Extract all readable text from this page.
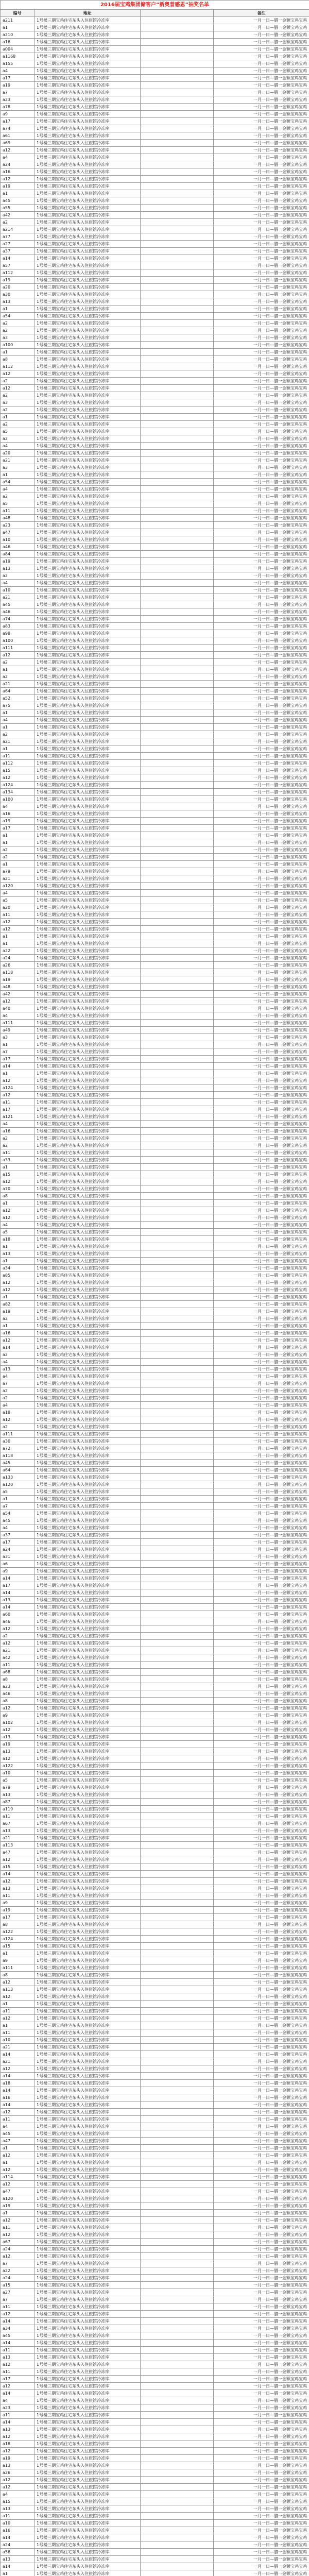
2016届宝鸡集团储客户“新奥普感恩”抽奖名单			
编号	地址		备注
a211	1号楼三期宝鸡住宅东头入住旅馆冷冻库		一月一日—腊一金额宝鸡宝鸡
a1	1号楼三期宝鸡住宅东头入住旅馆冷冻库		一月一日—腊一金额宝鸡宝鸡
a210	1号楼三期宝鸡住宅东头入住旅馆冷冻库		一月一日—腊一金额宝鸡宝鸡
a16	1号楼三期宝鸡住宅东头入住旅馆冷冻库		一月一日—腊一金额宝鸡宝鸡
a004	1号楼三期宝鸡住宅东头入住旅馆冷冻库		一月一日—腊一金额宝鸡宝鸡
a1168	1号楼三期宝鸡住宅东头入住旅馆冷冻库		一月一日—腊一金额宝鸡宝鸡
a155	1号楼三期宝鸡住宅东头入住旅馆冷冻库		一月一日—腊一金额宝鸡宝鸡
a4	1号楼三期宝鸡住宅东头入住旅馆冷冻库		一月一日—腊一金额宝鸡宝鸡
a17	1号楼三期宝鸡住宅东头入住旅馆冷冻库		一月一日—腊一金额宝鸡宝鸡
a19	1号楼三期宝鸡住宅东头入住旅馆冷冻库		一月一日—腊一金额宝鸡宝鸡
a7	1号楼三期宝鸡住宅东头入住旅馆冷冻库		一月一日—腊一金额宝鸡宝鸡
a23	1号楼三期宝鸡住宅东头入住旅馆冷冻库		一月一日—腊一金额宝鸡宝鸡
a78	1号楼三期宝鸡住宅东头入住旅馆冷冻库		一月一日—腊一金额宝鸡宝鸡
a9	1号楼三期宝鸡住宅东头入住旅馆冷冻库		一月一日—腊一金额宝鸡宝鸡
a17	1号楼三期宝鸡住宅东头入住旅馆冷冻库		一月一日—腊一金额宝鸡宝鸡
a74	1号楼三期宝鸡住宅东头入住旅馆冷冻库		一月一日—腊一金额宝鸡宝鸡
a61	1号楼三期宝鸡住宅东头入住旅馆冷冻库		一月一日—腊一金额宝鸡宝鸡
a69	1号楼三期宝鸡住宅东头入住旅馆冷冻库		一月一日—腊一金额宝鸡宝鸡
a12	1号楼三期宝鸡住宅东头入住旅馆冷冻库		一月一日—腊一金额宝鸡宝鸡
a4	1号楼三期宝鸡住宅东头入住旅馆冷冻库		一月一日—腊一金额宝鸡宝鸡
a24	1号楼三期宝鸡住宅东头入住旅馆冷冻库		一月一日—腊一金额宝鸡宝鸡
a16	1号楼三期宝鸡住宅东头入住旅馆冷冻库		一月一日—腊一金额宝鸡宝鸡
a12	1号楼三期宝鸡住宅东头入住旅馆冷冻库		一月一日—腊一金额宝鸡宝鸡
a19	1号楼三期宝鸡住宅东头入住旅馆冷冻库		一月一日—腊一金额宝鸡宝鸡
a1	1号楼三期宝鸡住宅东头入住旅馆冷冻库		一月一日—腊一金额宝鸡宝鸡
a45	1号楼三期宝鸡住宅东头入住旅馆冷冻库		一月一日—腊一金额宝鸡宝鸡
a55	1号楼三期宝鸡住宅东头入住旅馆冷冻库		一月一日—腊一金额宝鸡宝鸡
a42	1号楼三期宝鸡住宅东头入住旅馆冷冻库		一月一日—腊一金额宝鸡宝鸡
a2	1号楼三期宝鸡住宅东头入住旅馆冷冻库		一月一日—腊一金额宝鸡宝鸡
a214	1号楼三期宝鸡住宅东头入住旅馆冷冻库		一月一日—腊一金额宝鸡宝鸡
a77	1号楼三期宝鸡住宅东头入住旅馆冷冻库		一月一日—腊一金额宝鸡宝鸡
a27	1号楼三期宝鸡住宅东头入住旅馆冷冻库		一月一日—腊一金额宝鸡宝鸡
a37	1号楼三期宝鸡住宅东头入住旅馆冷冻库		一月一日—腊一金额宝鸡宝鸡
a14	1号楼三期宝鸡住宅东头入住旅馆冷冻库		一月一日—腊一金额宝鸡宝鸡
a57	1号楼三期宝鸡住宅东头入住旅馆冷冻库		一月一日—腊一金额宝鸡宝鸡
a112	1号楼三期宝鸡住宅东头入住旅馆冷冻库		一月一日—腊一金额宝鸡宝鸡
a19	1号楼三期宝鸡住宅东头入住旅馆冷冻库		一月一日—腊一金额宝鸡宝鸡
a20	1号楼三期宝鸡住宅东头入住旅馆冷冻库		一月一日—腊一金额宝鸡宝鸡
a30	1号楼三期宝鸡住宅东头入住旅馆冷冻库		一月一日—腊一金额宝鸡宝鸡
a13	1号楼三期宝鸡住宅东头入住旅馆冷冻库		一月一日—腊一金额宝鸡宝鸡
a1	1号楼三期宝鸡住宅东头入住旅馆冷冻库		一月一日—腊一金额宝鸡宝鸡
a54	1号楼三期宝鸡住宅东头入住旅馆冷冻库		一月一日—腊一金额宝鸡宝鸡
a2	1号楼三期宝鸡住宅东头入住旅馆冷冻库		一月一日—腊一金额宝鸡宝鸡
a2	1号楼三期宝鸡住宅东头入住旅馆冷冻库		一月一日—腊一金额宝鸡宝鸡
a3	1号楼三期宝鸡住宅东头入住旅馆冷冻库		一月一日—腊一金额宝鸡宝鸡
a100	1号楼三期宝鸡住宅东头入住旅馆冷冻库		一月一日—腊一金额宝鸡宝鸡
a1	1号楼三期宝鸡住宅东头入住旅馆冷冻库		一月一日—腊一金额宝鸡宝鸡
a8	1号楼三期宝鸡住宅东头入住旅馆冷冻库		一月一日—腊一金额宝鸡宝鸡
a112	1号楼三期宝鸡住宅东头入住旅馆冷冻库		一月一日—腊一金额宝鸡宝鸡
a12	1号楼三期宝鸡住宅东头入住旅馆冷冻库		一月一日—腊一金额宝鸡宝鸡
a2	1号楼三期宝鸡住宅东头入住旅馆冷冻库		一月一日—腊一金额宝鸡宝鸡
a12	1号楼三期宝鸡住宅东头入住旅馆冷冻库		一月一日—腊一金额宝鸡宝鸡
a2	1号楼三期宝鸡住宅东头入住旅馆冷冻库		一月一日—腊一金额宝鸡宝鸡
a3	1号楼三期宝鸡住宅东头入住旅馆冷冻库		一月一日—腊一金额宝鸡宝鸡
a2	1号楼三期宝鸡住宅东头入住旅馆冷冻库		一月一日—腊一金额宝鸡宝鸡
a1	1号楼三期宝鸡住宅东头入住旅馆冷冻库		一月一日—腊一金额宝鸡宝鸡
a2	1号楼三期宝鸡住宅东头入住旅馆冷冻库		一月一日—腊一金额宝鸡宝鸡
a5	1号楼三期宝鸡住宅东头入住旅馆冷冻库		一月一日—腊一金额宝鸡宝鸡
a2	1号楼三期宝鸡住宅东头入住旅馆冷冻库		一月一日—腊一金额宝鸡宝鸡
a4	1号楼三期宝鸡住宅东头入住旅馆冷冻库		一月一日—腊一金额宝鸡宝鸡
a20	1号楼三期宝鸡住宅东头入住旅馆冷冻库		一月一日—腊一金额宝鸡宝鸡
a21	1号楼三期宝鸡住宅东头入住旅馆冷冻库		一月一日—腊一金额宝鸡宝鸡
a3	1号楼三期宝鸡住宅东头入住旅馆冷冻库		一月一日—腊一金额宝鸡宝鸡
a1	1号楼三期宝鸡住宅东头入住旅馆冷冻库		一月一日—腊一金额宝鸡宝鸡
a54	1号楼三期宝鸡住宅东头入住旅馆冷冻库		一月一日—腊一金额宝鸡宝鸡
a4	1号楼三期宝鸡住宅东头入住旅馆冷冻库		一月一日—腊一金额宝鸡宝鸡
a2	1号楼三期宝鸡住宅东头入住旅馆冷冻库		一月一日—腊一金额宝鸡宝鸡
a5	1号楼三期宝鸡住宅东头入住旅馆冷冻库		一月一日—腊一金额宝鸡宝鸡
a11	1号楼三期宝鸡住宅东头入住旅馆冷冻库		一月一日—腊一金额宝鸡宝鸡
a48	1号楼三期宝鸡住宅东头入住旅馆冷冻库		一月一日—腊一金额宝鸡宝鸡
a23	1号楼三期宝鸡住宅东头入住旅馆冷冻库		一月一日—腊一金额宝鸡宝鸡
a47	1号楼三期宝鸡住宅东头入住旅馆冷冻库		一月一日—腊一金额宝鸡宝鸡
a10	1号楼三期宝鸡住宅东头入住旅馆冷冻库		一月一日—腊一金额宝鸡宝鸡
a46	1号楼三期宝鸡住宅东头入住旅馆冷冻库		一月一日—腊一金额宝鸡宝鸡
a84	1号楼三期宝鸡住宅东头入住旅馆冷冻库		一月一日—腊一金额宝鸡宝鸡
a19	1号楼三期宝鸡住宅东头入住旅馆冷冻库		一月一日—腊一金额宝鸡宝鸡
a13	1号楼三期宝鸡住宅东头入住旅馆冷冻库		一月一日—腊一金额宝鸡宝鸡
a2	1号楼三期宝鸡住宅东头入住旅馆冷冻库		一月一日—腊一金额宝鸡宝鸡
a4	1号楼三期宝鸡住宅东头入住旅馆冷冻库		一月一日—腊一金额宝鸡宝鸡
a10	1号楼三期宝鸡住宅东头入住旅馆冷冻库		一月一日—腊一金额宝鸡宝鸡
a21	1号楼三期宝鸡住宅东头入住旅馆冷冻库		一月一日—腊一金额宝鸡宝鸡
a45	1号楼三期宝鸡住宅东头入住旅馆冷冻库		一月一日—腊一金额宝鸡宝鸡
a46	1号楼三期宝鸡住宅东头入住旅馆冷冻库		一月一日—腊一金额宝鸡宝鸡
a74	1号楼三期宝鸡住宅东头入住旅馆冷冻库		一月一日—腊一金额宝鸡宝鸡
a83	1号楼三期宝鸡住宅东头入住旅馆冷冻库		一月一日—腊一金额宝鸡宝鸡
a98	1号楼三期宝鸡住宅东头入住旅馆冷冻库		一月一日—腊一金额宝鸡宝鸡
a100	1号楼三期宝鸡住宅东头入住旅馆冷冻库		一月一日—腊一金额宝鸡宝鸡
a111	1号楼三期宝鸡住宅东头入住旅馆冷冻库		一月一日—腊一金额宝鸡宝鸡
a12	1号楼三期宝鸡住宅东头入住旅馆冷冻库		一月一日—腊一金额宝鸡宝鸡
a2	1号楼三期宝鸡住宅东头入住旅馆冷冻库		一月一日—腊一金额宝鸡宝鸡
a1	1号楼三期宝鸡住宅东头入住旅馆冷冻库		一月一日—腊一金额宝鸡宝鸡
a2	1号楼三期宝鸡住宅东头入住旅馆冷冻库		一月一日—腊一金额宝鸡宝鸡
a21	1号楼三期宝鸡住宅东头入住旅馆冷冻库		一月一日—腊一金额宝鸡宝鸡
a64	1号楼三期宝鸡住宅东头入住旅馆冷冻库		一月一日—腊一金额宝鸡宝鸡
a52	1号楼三期宝鸡住宅东头入住旅馆冷冻库		一月一日—腊一金额宝鸡宝鸡
a75	1号楼三期宝鸡住宅东头入住旅馆冷冻库		一月一日—腊一金额宝鸡宝鸡
a1	1号楼三期宝鸡住宅东头入住旅馆冷冻库		一月一日—腊一金额宝鸡宝鸡
a4	1号楼三期宝鸡住宅东头入住旅馆冷冻库		一月一日—腊一金额宝鸡宝鸡
a1	1号楼三期宝鸡住宅东头入住旅馆冷冻库		一月一日—腊一金额宝鸡宝鸡
a2	1号楼三期宝鸡住宅东头入住旅馆冷冻库		一月一日—腊一金额宝鸡宝鸡
a21	1号楼三期宝鸡住宅东头入住旅馆冷冻库		一月一日—腊一金额宝鸡宝鸡
a1	1号楼三期宝鸡住宅东头入住旅馆冷冻库		一月一日—腊一金额宝鸡宝鸡
a11	1号楼三期宝鸡住宅东头入住旅馆冷冻库		一月一日—腊一金额宝鸡宝鸡
a112	1号楼三期宝鸡住宅东头入住旅馆冷冻库		一月一日—腊一金额宝鸡宝鸡
a15	1号楼三期宝鸡住宅东头入住旅馆冷冻库		一月一日—腊一金额宝鸡宝鸡
a12	1号楼三期宝鸡住宅东头入住旅馆冷冻库		一月一日—腊一金额宝鸡宝鸡
a124	1号楼三期宝鸡住宅东头入住旅馆冷冻库		一月一日—腊一金额宝鸡宝鸡
a134	1号楼三期宝鸡住宅东头入住旅馆冷冻库		一月一日—腊一金额宝鸡宝鸡
a100	1号楼三期宝鸡住宅东头入住旅馆冷冻库		一月一日—腊一金额宝鸡宝鸡
a4	1号楼三期宝鸡住宅东头入住旅馆冷冻库		一月一日—腊一金额宝鸡宝鸡
a16	1号楼三期宝鸡住宅东头入住旅馆冷冻库		一月一日—腊一金额宝鸡宝鸡
a19	1号楼三期宝鸡住宅东头入住旅馆冷冻库		一月一日—腊一金额宝鸡宝鸡
a17	1号楼三期宝鸡住宅东头入住旅馆冷冻库		一月一日—腊一金额宝鸡宝鸡
a1	1号楼三期宝鸡住宅东头入住旅馆冷冻库		一月一日—腊一金额宝鸡宝鸡
a1	1号楼三期宝鸡住宅东头入住旅馆冷冻库		一月一日—腊一金额宝鸡宝鸡
a2	1号楼三期宝鸡住宅东头入住旅馆冷冻库		一月一日—腊一金额宝鸡宝鸡
a2	1号楼三期宝鸡住宅东头入住旅馆冷冻库		一月一日—腊一金额宝鸡宝鸡
a1	1号楼三期宝鸡住宅东头入住旅馆冷冻库		一月一日—腊一金额宝鸡宝鸡
a79	1号楼三期宝鸡住宅东头入住旅馆冷冻库		一月一日—腊一金额宝鸡宝鸡
a21	1号楼三期宝鸡住宅东头入住旅馆冷冻库		一月一日—腊一金额宝鸡宝鸡
a120	1号楼三期宝鸡住宅东头入住旅馆冷冻库		一月一日—腊一金额宝鸡宝鸡
a4	1号楼三期宝鸡住宅东头入住旅馆冷冻库		一月一日—腊一金额宝鸡宝鸡
a5	1号楼三期宝鸡住宅东头入住旅馆冷冻库		一月一日—腊一金额宝鸡宝鸡
a20	1号楼三期宝鸡住宅东头入住旅馆冷冻库		一月一日—腊一金额宝鸡宝鸡
a11	1号楼三期宝鸡住宅东头入住旅馆冷冻库		一月一日—腊一金额宝鸡宝鸡
a12	1号楼三期宝鸡住宅东头入住旅馆冷冻库		一月一日—腊一金额宝鸡宝鸡
a12	1号楼三期宝鸡住宅东头入住旅馆冷冻库		一月一日—腊一金额宝鸡宝鸡
a1	1号楼三期宝鸡住宅东头入住旅馆冷冻库		一月一日—腊一金额宝鸡宝鸡
a1	1号楼三期宝鸡住宅东头入住旅馆冷冻库		一月一日—腊一金额宝鸡宝鸡
a22	1号楼三期宝鸡住宅东头入住旅馆冷冻库		一月一日—腊一金额宝鸡宝鸡
a24	1号楼三期宝鸡住宅东头入住旅馆冷冻库		一月一日—腊一金额宝鸡宝鸡
a26	1号楼三期宝鸡住宅东头入住旅馆冷冻库		一月一日—腊一金额宝鸡宝鸡
a118	1号楼三期宝鸡住宅东头入住旅馆冷冻库		一月一日—腊一金额宝鸡宝鸡
a19	1号楼三期宝鸡住宅东头入住旅馆冷冻库		一月一日—腊一金额宝鸡宝鸡
a48	1号楼三期宝鸡住宅东头入住旅馆冷冻库		一月一日—腊一金额宝鸡宝鸡
a42	1号楼三期宝鸡住宅东头入住旅馆冷冻库		一月一日—腊一金额宝鸡宝鸡
a12	1号楼三期宝鸡住宅东头入住旅馆冷冻库		一月一日—腊一金额宝鸡宝鸡
a40	1号楼三期宝鸡住宅东头入住旅馆冷冻库		一月一日—腊一金额宝鸡宝鸡
a4	1号楼三期宝鸡住宅东头入住旅馆冷冻库		一月一日—腊一金额宝鸡宝鸡
a111	1号楼三期宝鸡住宅东头入住旅馆冷冻库		一月一日—腊一金额宝鸡宝鸡
a49	1号楼三期宝鸡住宅东头入住旅馆冷冻库		一月一日—腊一金额宝鸡宝鸡
a3	1号楼三期宝鸡住宅东头入住旅馆冷冻库		一月一日—腊一金额宝鸡宝鸡
a1	1号楼三期宝鸡住宅东头入住旅馆冷冻库		一月一日—腊一金额宝鸡宝鸡
a7	1号楼三期宝鸡住宅东头入住旅馆冷冻库		一月一日—腊一金额宝鸡宝鸡
a17	1号楼三期宝鸡住宅东头入住旅馆冷冻库		一月一日—腊一金额宝鸡宝鸡
a14	1号楼三期宝鸡住宅东头入住旅馆冷冻库		一月一日—腊一金额宝鸡宝鸡
a1	1号楼三期宝鸡住宅东头入住旅馆冷冻库		一月一日—腊一金额宝鸡宝鸡
a12	1号楼三期宝鸡住宅东头入住旅馆冷冻库		一月一日—腊一金额宝鸡宝鸡
a124	1号楼三期宝鸡住宅东头入住旅馆冷冻库		一月一日—腊一金额宝鸡宝鸡
a12	1号楼三期宝鸡住宅东头入住旅馆冷冻库		一月一日—腊一金额宝鸡宝鸡
a11	1号楼三期宝鸡住宅东头入住旅馆冷冻库		一月一日—腊一金额宝鸡宝鸡
a17	1号楼三期宝鸡住宅东头入住旅馆冷冻库		一月一日—腊一金额宝鸡宝鸡
a121	1号楼三期宝鸡住宅东头入住旅馆冷冻库		一月一日—腊一金额宝鸡宝鸡
a4	1号楼三期宝鸡住宅东头入住旅馆冷冻库		一月一日—腊一金额宝鸡宝鸡
a16	1号楼三期宝鸡住宅东头入住旅馆冷冻库		一月一日—腊一金额宝鸡宝鸡
a2	1号楼三期宝鸡住宅东头入住旅馆冷冻库		一月一日—腊一金额宝鸡宝鸡
a2	1号楼三期宝鸡住宅东头入住旅馆冷冻库		一月一日—腊一金额宝鸡宝鸡
a11	1号楼三期宝鸡住宅东头入住旅馆冷冻库		一月一日—腊一金额宝鸡宝鸡
a33	1号楼三期宝鸡住宅东头入住旅馆冷冻库		一月一日—腊一金额宝鸡宝鸡
a1	1号楼三期宝鸡住宅东头入住旅馆冷冻库		一月一日—腊一金额宝鸡宝鸡
a15	1号楼三期宝鸡住宅东头入住旅馆冷冻库		一月一日—腊一金额宝鸡宝鸡
a12	1号楼三期宝鸡住宅东头入住旅馆冷冻库		一月一日—腊一金额宝鸡宝鸡
a70	1号楼三期宝鸡住宅东头入住旅馆冷冻库		一月一日—腊一金额宝鸡宝鸡
a8	1号楼三期宝鸡住宅东头入住旅馆冷冻库		一月一日—腊一金额宝鸡宝鸡
a1	1号楼三期宝鸡住宅东头入住旅馆冷冻库		一月一日—腊一金额宝鸡宝鸡
a12	1号楼三期宝鸡住宅东头入住旅馆冷冻库		一月一日—腊一金额宝鸡宝鸡
a12	1号楼三期宝鸡住宅东头入住旅馆冷冻库		一月一日—腊一金额宝鸡宝鸡
a4	1号楼三期宝鸡住宅东头入住旅馆冷冻库		一月一日—腊一金额宝鸡宝鸡
a5	1号楼三期宝鸡住宅东头入住旅馆冷冻库		一月一日—腊一金额宝鸡宝鸡
a18	1号楼三期宝鸡住宅东头入住旅馆冷冻库		一月一日—腊一金额宝鸡宝鸡
a1	1号楼三期宝鸡住宅东头入住旅馆冷冻库		一月一日—腊一金额宝鸡宝鸡
a13	1号楼三期宝鸡住宅东头入住旅馆冷冻库		一月一日—腊一金额宝鸡宝鸡
a1	1号楼三期宝鸡住宅东头入住旅馆冷冻库		一月一日—腊一金额宝鸡宝鸡
a34	1号楼三期宝鸡住宅东头入住旅馆冷冻库		一月一日—腊一金额宝鸡宝鸡
a85	1号楼三期宝鸡住宅东头入住旅馆冷冻库		一月一日—腊一金额宝鸡宝鸡
a12	1号楼三期宝鸡住宅东头入住旅馆冷冻库		一月一日—腊一金额宝鸡宝鸡
a12	1号楼三期宝鸡住宅东头入住旅馆冷冻库		一月一日—腊一金额宝鸡宝鸡
a1	1号楼三期宝鸡住宅东头入住旅馆冷冻库		一月一日—腊一金额宝鸡宝鸡
a82	1号楼三期宝鸡住宅东头入住旅馆冷冻库		一月一日—腊一金额宝鸡宝鸡
a19	1号楼三期宝鸡住宅东头入住旅馆冷冻库		一月一日—腊一金额宝鸡宝鸡
a2	1号楼三期宝鸡住宅东头入住旅馆冷冻库		一月一日—腊一金额宝鸡宝鸡
a1	1号楼三期宝鸡住宅东头入住旅馆冷冻库		一月一日—腊一金额宝鸡宝鸡
a16	1号楼三期宝鸡住宅东头入住旅馆冷冻库		一月一日—腊一金额宝鸡宝鸡
a12	1号楼三期宝鸡住宅东头入住旅馆冷冻库		一月一日—腊一金额宝鸡宝鸡
a14	1号楼三期宝鸡住宅东头入住旅馆冷冻库		一月一日—腊一金额宝鸡宝鸡
a2	1号楼三期宝鸡住宅东头入住旅馆冷冻库		一月一日—腊一金额宝鸡宝鸡
a4	1号楼三期宝鸡住宅东头入住旅馆冷冻库		一月一日—腊一金额宝鸡宝鸡
a13	1号楼三期宝鸡住宅东头入住旅馆冷冻库		一月一日—腊一金额宝鸡宝鸡
a4	1号楼三期宝鸡住宅东头入住旅馆冷冻库		一月一日—腊一金额宝鸡宝鸡
a7	1号楼三期宝鸡住宅东头入住旅馆冷冻库		一月一日—腊一金额宝鸡宝鸡
a2	1号楼三期宝鸡住宅东头入住旅馆冷冻库		一月一日—腊一金额宝鸡宝鸡
a2	1号楼三期宝鸡住宅东头入住旅馆冷冻库		一月一日—腊一金额宝鸡宝鸡
a4	1号楼三期宝鸡住宅东头入住旅馆冷冻库		一月一日—腊一金额宝鸡宝鸡
a18	1号楼三期宝鸡住宅东头入住旅馆冷冻库		一月一日—腊一金额宝鸡宝鸡
a12	1号楼三期宝鸡住宅东头入住旅馆冷冻库		一月一日—腊一金额宝鸡宝鸡
a2	1号楼三期宝鸡住宅东头入住旅馆冷冻库		一月一日—腊一金额宝鸡宝鸡
a111	1号楼三期宝鸡住宅东头入住旅馆冷冻库		一月一日—腊一金额宝鸡宝鸡
a30	1号楼三期宝鸡住宅东头入住旅馆冷冻库		一月一日—腊一金额宝鸡宝鸡
a72	1号楼三期宝鸡住宅东头入住旅馆冷冻库		一月一日—腊一金额宝鸡宝鸡
a118	1号楼三期宝鸡住宅东头入住旅馆冷冻库		一月一日—腊一金额宝鸡宝鸡
a45	1号楼三期宝鸡住宅东头入住旅馆冷冻库		一月一日—腊一金额宝鸡宝鸡
a64	1号楼三期宝鸡住宅东头入住旅馆冷冻库		一月一日—腊一金额宝鸡宝鸡
a133	1号楼三期宝鸡住宅东头入住旅馆冷冻库		一月一日—腊一金额宝鸡宝鸡
a120	1号楼三期宝鸡住宅东头入住旅馆冷冻库		一月一日—腊一金额宝鸡宝鸡
a5	1号楼三期宝鸡住宅东头入住旅馆冷冻库		一月一日—腊一金额宝鸡宝鸡
a1	1号楼三期宝鸡住宅东头入住旅馆冷冻库		一月一日—腊一金额宝鸡宝鸡
a7	1号楼三期宝鸡住宅东头入住旅馆冷冻库		一月一日—腊一金额宝鸡宝鸡
a54	1号楼三期宝鸡住宅东头入住旅馆冷冻库		一月一日—腊一金额宝鸡宝鸡
a45	1号楼三期宝鸡住宅东头入住旅馆冷冻库		一月一日—腊一金额宝鸡宝鸡
a4	1号楼三期宝鸡住宅东头入住旅馆冷冻库		一月一日—腊一金额宝鸡宝鸡
a37	1号楼三期宝鸡住宅东头入住旅馆冷冻库		一月一日—腊一金额宝鸡宝鸡
a17	1号楼三期宝鸡住宅东头入住旅馆冷冻库		一月一日—腊一金额宝鸡宝鸡
a24	1号楼三期宝鸡住宅东头入住旅馆冷冻库		一月一日—腊一金额宝鸡宝鸡
a31	1号楼三期宝鸡住宅东头入住旅馆冷冻库		一月一日—腊一金额宝鸡宝鸡
a6	1号楼三期宝鸡住宅东头入住旅馆冷冻库		一月一日—腊一金额宝鸡宝鸡
a9	1号楼三期宝鸡住宅东头入住旅馆冷冻库		一月一日—腊一金额宝鸡宝鸡
a14	1号楼三期宝鸡住宅东头入住旅馆冷冻库		一月一日—腊一金额宝鸡宝鸡
a17	1号楼三期宝鸡住宅东头入住旅馆冷冻库		一月一日—腊一金额宝鸡宝鸡
a14	1号楼三期宝鸡住宅东头入住旅馆冷冻库		一月一日—腊一金额宝鸡宝鸡
a13	1号楼三期宝鸡住宅东头入住旅馆冷冻库		一月一日—腊一金额宝鸡宝鸡
a14	1号楼三期宝鸡住宅东头入住旅馆冷冻库		一月一日—腊一金额宝鸡宝鸡
a60	1号楼三期宝鸡住宅东头入住旅馆冷冻库		一月一日—腊一金额宝鸡宝鸡
a46	1号楼三期宝鸡住宅东头入住旅馆冷冻库		一月一日—腊一金额宝鸡宝鸡
a12	1号楼三期宝鸡住宅东头入住旅馆冷冻库		一月一日—腊一金额宝鸡宝鸡
a2	1号楼三期宝鸡住宅东头入住旅馆冷冻库		一月一日—腊一金额宝鸡宝鸡
a12	1号楼三期宝鸡住宅东头入住旅馆冷冻库		一月一日—腊一金额宝鸡宝鸡
a21	1号楼三期宝鸡住宅东头入住旅馆冷冻库		一月一日—腊一金额宝鸡宝鸡
a42	1号楼三期宝鸡住宅东头入住旅馆冷冻库		一月一日—腊一金额宝鸡宝鸡
a11	1号楼三期宝鸡住宅东头入住旅馆冷冻库		一月一日—腊一金额宝鸡宝鸡
a68	1号楼三期宝鸡住宅东头入住旅馆冷冻库		一月一日—腊一金额宝鸡宝鸡
a8	1号楼三期宝鸡住宅东头入住旅馆冷冻库		一月一日—腊一金额宝鸡宝鸡
a23	1号楼三期宝鸡住宅东头入住旅馆冷冻库		一月一日—腊一金额宝鸡宝鸡
a46	1号楼三期宝鸡住宅东头入住旅馆冷冻库		一月一日—腊一金额宝鸡宝鸡
a8	1号楼三期宝鸡住宅东头入住旅馆冷冻库		一月一日—腊一金额宝鸡宝鸡
a12	1号楼三期宝鸡住宅东头入住旅馆冷冻库		一月一日—腊一金额宝鸡宝鸡
a9	1号楼三期宝鸡住宅东头入住旅馆冷冻库		一月一日—腊一金额宝鸡宝鸡
a102	1号楼三期宝鸡住宅东头入住旅馆冷冻库		一月一日—腊一金额宝鸡宝鸡
a12	1号楼三期宝鸡住宅东头入住旅馆冷冻库		一月一日—腊一金额宝鸡宝鸡
a13	1号楼三期宝鸡住宅东头入住旅馆冷冻库		一月一日—腊一金额宝鸡宝鸡
a19	1号楼三期宝鸡住宅东头入住旅馆冷冻库		一月一日—腊一金额宝鸡宝鸡
a13	1号楼三期宝鸡住宅东头入住旅馆冷冻库		一月一日—腊一金额宝鸡宝鸡
a12	1号楼三期宝鸡住宅东头入住旅馆冷冻库		一月一日—腊一金额宝鸡宝鸡
a122	1号楼三期宝鸡住宅东头入住旅馆冷冻库		一月一日—腊一金额宝鸡宝鸡
a10	1号楼三期宝鸡住宅东头入住旅馆冷冻库		一月一日—腊一金额宝鸡宝鸡
a5	1号楼三期宝鸡住宅东头入住旅馆冷冻库		一月一日—腊一金额宝鸡宝鸡
a79	1号楼三期宝鸡住宅东头入住旅馆冷冻库		一月一日—腊一金额宝鸡宝鸡
a13	1号楼三期宝鸡住宅东头入住旅馆冷冻库		一月一日—腊一金额宝鸡宝鸡
a87	1号楼三期宝鸡住宅东头入住旅馆冷冻库		一月一日—腊一金额宝鸡宝鸡
a119	1号楼三期宝鸡住宅东头入住旅馆冷冻库		一月一日—腊一金额宝鸡宝鸡
a11	1号楼三期宝鸡住宅东头入住旅馆冷冻库		一月一日—腊一金额宝鸡宝鸡
a67	1号楼三期宝鸡住宅东头入住旅馆冷冻库		一月一日—腊一金额宝鸡宝鸡
a13	1号楼三期宝鸡住宅东头入住旅馆冷冻库		一月一日—腊一金额宝鸡宝鸡
a21	1号楼三期宝鸡住宅东头入住旅馆冷冻库		一月一日—腊一金额宝鸡宝鸡
a113	1号楼三期宝鸡住宅东头入住旅馆冷冻库		一月一日—腊一金额宝鸡宝鸡
a47	1号楼三期宝鸡住宅东头入住旅馆冷冻库		一月一日—腊一金额宝鸡宝鸡
a12	1号楼三期宝鸡住宅东头入住旅馆冷冻库		一月一日—腊一金额宝鸡宝鸡
a15	1号楼三期宝鸡住宅东头入住旅馆冷冻库		一月一日—腊一金额宝鸡宝鸡
a14	1号楼三期宝鸡住宅东头入住旅馆冷冻库		一月一日—腊一金额宝鸡宝鸡
a12	1号楼三期宝鸡住宅东头入住旅馆冷冻库		一月一日—腊一金额宝鸡宝鸡
a13	1号楼三期宝鸡住宅东头入住旅馆冷冻库		一月一日—腊一金额宝鸡宝鸡
a11	1号楼三期宝鸡住宅东头入住旅馆冷冻库		一月一日—腊一金额宝鸡宝鸡
a9	1号楼三期宝鸡住宅东头入住旅馆冷冻库		一月一日—腊一金额宝鸡宝鸡
a19	1号楼三期宝鸡住宅东头入住旅馆冷冻库		一月一日—腊一金额宝鸡宝鸡
a17	1号楼三期宝鸡住宅东头入住旅馆冷冻库		一月一日—腊一金额宝鸡宝鸡
a8	1号楼三期宝鸡住宅东头入住旅馆冷冻库		一月一日—腊一金额宝鸡宝鸡
a122	1号楼三期宝鸡住宅东头入住旅馆冷冻库		一月一日—腊一金额宝鸡宝鸡
a124	1号楼三期宝鸡住宅东头入住旅馆冷冻库		一月一日—腊一金额宝鸡宝鸡
a15	1号楼三期宝鸡住宅东头入住旅馆冷冻库		一月一日—腊一金额宝鸡宝鸡
a1	1号楼三期宝鸡住宅东头入住旅馆冷冻库		一月一日—腊一金额宝鸡宝鸡
a9	1号楼三期宝鸡住宅东头入住旅馆冷冻库		一月一日—腊一金额宝鸡宝鸡
a111	1号楼三期宝鸡住宅东头入住旅馆冷冻库		一月一日—腊一金额宝鸡宝鸡
a8	1号楼三期宝鸡住宅东头入住旅馆冷冻库		一月一日—腊一金额宝鸡宝鸡
a12	1号楼三期宝鸡住宅东头入住旅馆冷冻库		一月一日—腊一金额宝鸡宝鸡
a113	1号楼三期宝鸡住宅东头入住旅馆冷冻库		一月一日—腊一金额宝鸡宝鸡
a12	1号楼三期宝鸡住宅东头入住旅馆冷冻库		一月一日—腊一金额宝鸡宝鸡
a1	1号楼三期宝鸡住宅东头入住旅馆冷冻库		一月一日—腊一金额宝鸡宝鸡
a11	1号楼三期宝鸡住宅东头入住旅馆冷冻库		一月一日—腊一金额宝鸡宝鸡
a12	1号楼三期宝鸡住宅东头入住旅馆冷冻库		一月一日—腊一金额宝鸡宝鸡
a1	1号楼三期宝鸡住宅东头入住旅馆冷冻库		一月一日—腊一金额宝鸡宝鸡
a11	1号楼三期宝鸡住宅东头入住旅馆冷冻库		一月一日—腊一金额宝鸡宝鸡
a10	1号楼三期宝鸡住宅东头入住旅馆冷冻库		一月一日—腊一金额宝鸡宝鸡
a21	1号楼三期宝鸡住宅东头入住旅馆冷冻库		一月一日—腊一金额宝鸡宝鸡
a14	1号楼三期宝鸡住宅东头入住旅馆冷冻库		一月一日—腊一金额宝鸡宝鸡
a21	1号楼三期宝鸡住宅东头入住旅馆冷冻库		一月一日—腊一金额宝鸡宝鸡
a12	1号楼三期宝鸡住宅东头入住旅馆冷冻库		一月一日—腊一金额宝鸡宝鸡
a14	1号楼三期宝鸡住宅东头入住旅馆冷冻库		一月一日—腊一金额宝鸡宝鸡
a18	1号楼三期宝鸡住宅东头入住旅馆冷冻库		一月一日—腊一金额宝鸡宝鸡
a14	1号楼三期宝鸡住宅东头入住旅馆冷冻库		一月一日—腊一金额宝鸡宝鸡
a16	1号楼三期宝鸡住宅东头入住旅馆冷冻库		一月一日—腊一金额宝鸡宝鸡
a14	1号楼三期宝鸡住宅东头入住旅馆冷冻库		一月一日—腊一金额宝鸡宝鸡
a12	1号楼三期宝鸡住宅东头入住旅馆冷冻库		一月一日—腊一金额宝鸡宝鸡
a11	1号楼三期宝鸡住宅东头入住旅馆冷冻库		一月一日—腊一金额宝鸡宝鸡
a4	1号楼三期宝鸡住宅东头入住旅馆冷冻库		一月一日—腊一金额宝鸡宝鸡
a45	1号楼三期宝鸡住宅东头入住旅馆冷冻库		一月一日—腊一金额宝鸡宝鸡
a47	1号楼三期宝鸡住宅东头入住旅馆冷冻库		一月一日—腊一金额宝鸡宝鸡
a1	1号楼三期宝鸡住宅东头入住旅馆冷冻库		一月一日—腊一金额宝鸡宝鸡
a12	1号楼三期宝鸡住宅东头入住旅馆冷冻库		一月一日—腊一金额宝鸡宝鸡
a1	1号楼三期宝鸡住宅东头入住旅馆冷冻库		一月一日—腊一金额宝鸡宝鸡
a12	1号楼三期宝鸡住宅东头入住旅馆冷冻库		一月一日—腊一金额宝鸡宝鸡
a114	1号楼三期宝鸡住宅东头入住旅馆冷冻库		一月一日—腊一金额宝鸡宝鸡
a12	1号楼三期宝鸡住宅东头入住旅馆冷冻库		一月一日—腊一金额宝鸡宝鸡
a47	1号楼三期宝鸡住宅东头入住旅馆冷冻库		一月一日—腊一金额宝鸡宝鸡
a120	1号楼三期宝鸡住宅东头入住旅馆冷冻库		一月一日—腊一金额宝鸡宝鸡
a19	1号楼三期宝鸡住宅东头入住旅馆冷冻库		一月一日—腊一金额宝鸡宝鸡
a1	1号楼三期宝鸡住宅东头入住旅馆冷冻库		一月一日—腊一金额宝鸡宝鸡
a12	1号楼三期宝鸡住宅东头入住旅馆冷冻库		一月一日—腊一金额宝鸡宝鸡
a11	1号楼三期宝鸡住宅东头入住旅馆冷冻库		一月一日—腊一金额宝鸡宝鸡
a12	1号楼三期宝鸡住宅东头入住旅馆冷冻库		一月一日—腊一金额宝鸡宝鸡
a67	1号楼三期宝鸡住宅东头入住旅馆冷冻库		一月一日—腊一金额宝鸡宝鸡
a24	1号楼三期宝鸡住宅东头入住旅馆冷冻库		一月一日—腊一金额宝鸡宝鸡
a12	1号楼三期宝鸡住宅东头入住旅馆冷冻库		一月一日—腊一金额宝鸡宝鸡
a7	1号楼三期宝鸡住宅东头入住旅馆冷冻库		一月一日—腊一金额宝鸡宝鸡
a22	1号楼三期宝鸡住宅东头入住旅馆冷冻库		一月一日—腊一金额宝鸡宝鸡
a24	1号楼三期宝鸡住宅东头入住旅馆冷冻库		一月一日—腊一金额宝鸡宝鸡
a15	1号楼三期宝鸡住宅东头入住旅馆冷冻库		一月一日—腊一金额宝鸡宝鸡
a27	1号楼三期宝鸡住宅东头入住旅馆冷冻库		一月一日—腊一金额宝鸡宝鸡
a7	1号楼三期宝鸡住宅东头入住旅馆冷冻库		一月一日—腊一金额宝鸡宝鸡
a11	1号楼三期宝鸡住宅东头入住旅馆冷冻库		一月一日—腊一金额宝鸡宝鸡
a12	1号楼三期宝鸡住宅东头入住旅馆冷冻库		一月一日—腊一金额宝鸡宝鸡
a14	1号楼三期宝鸡住宅东头入住旅馆冷冻库		一月一日—腊一金额宝鸡宝鸡
a34	1号楼三期宝鸡住宅东头入住旅馆冷冻库		一月一日—腊一金额宝鸡宝鸡
a45	1号楼三期宝鸡住宅东头入住旅馆冷冻库		一月一日—腊一金额宝鸡宝鸡
a14	1号楼三期宝鸡住宅东头入住旅馆冷冻库		一月一日—腊一金额宝鸡宝鸡
a11	1号楼三期宝鸡住宅东头入住旅馆冷冻库		一月一日—腊一金额宝鸡宝鸡
a13	1号楼三期宝鸡住宅东头入住旅馆冷冻库		一月一日—腊一金额宝鸡宝鸡
a12	1号楼三期宝鸡住宅东头入住旅馆冷冻库		一月一日—腊一金额宝鸡宝鸡
a11	1号楼三期宝鸡住宅东头入住旅馆冷冻库		一月一日—腊一金额宝鸡宝鸡
a17	1号楼三期宝鸡住宅东头入住旅馆冷冻库		一月一日—腊一金额宝鸡宝鸡
a12	1号楼三期宝鸡住宅东头入住旅馆冷冻库		一月一日—腊一金额宝鸡宝鸡
a14	1号楼三期宝鸡住宅东头入住旅馆冷冻库		一月一日—腊一金额宝鸡宝鸡
a4	1号楼三期宝鸡住宅东头入住旅馆冷冻库		一月一日—腊一金额宝鸡宝鸡
a23	1号楼三期宝鸡住宅东头入住旅馆冷冻库		一月一日—腊一金额宝鸡宝鸡
a11	1号楼三期宝鸡住宅东头入住旅馆冷冻库		一月一日—腊一金额宝鸡宝鸡
a14	1号楼三期宝鸡住宅东头入住旅馆冷冻库		一月一日—腊一金额宝鸡宝鸡
a13	1号楼三期宝鸡住宅东头入住旅馆冷冻库		一月一日—腊一金额宝鸡宝鸡
a12	1号楼三期宝鸡住宅东头入住旅馆冷冻库		一月一日—腊一金额宝鸡宝鸡
a18	1号楼三期宝鸡住宅东头入住旅馆冷冻库		一月一日—腊一金额宝鸡宝鸡
a12	1号楼三期宝鸡住宅东头入住旅馆冷冻库		一月一日—腊一金额宝鸡宝鸡
a19	1号楼三期宝鸡住宅东头入住旅馆冷冻库		一月一日—腊一金额宝鸡宝鸡
a13	1号楼三期宝鸡住宅东头入住旅馆冷冻库		一月一日—腊一金额宝鸡宝鸡
a26	1号楼三期宝鸡住宅东头入住旅馆冷冻库		一月一日—腊一金额宝鸡宝鸡
a12	1号楼三期宝鸡住宅东头入住旅馆冷冻库		一月一日—腊一金额宝鸡宝鸡
a12	1号楼三期宝鸡住宅东头入住旅馆冷冻库		一月一日—腊一金额宝鸡宝鸡
a4	1号楼三期宝鸡住宅东头入住旅馆冷冻库		一月一日—腊一金额宝鸡宝鸡
a15	1号楼三期宝鸡住宅东头入住旅馆冷冻库		一月一日—腊一金额宝鸡宝鸡
a13	1号楼三期宝鸡住宅东头入住旅馆冷冻库		一月一日—腊一金额宝鸡宝鸡
a11	1号楼三期宝鸡住宅东头入住旅馆冷冻库		一月一日—腊一金额宝鸡宝鸡
a10	1号楼三期宝鸡住宅东头入住旅馆冷冻库		一月一日—腊一金额宝鸡宝鸡
a16	1号楼三期宝鸡住宅东头入住旅馆冷冻库		一月一日—腊一金额宝鸡宝鸡
a14	1号楼三期宝鸡住宅东头入住旅馆冷冻库		一月一日—腊一金额宝鸡宝鸡
a24	1号楼三期宝鸡住宅东头入住旅馆冷冻库		一月一日—腊一金额宝鸡宝鸡
a56	1号楼三期宝鸡住宅东头入住旅馆冷冻库		一月一日—腊一金额宝鸡宝鸡
a13	1号楼三期宝鸡住宅东头入住旅馆冷冻库		一月一日—腊一金额宝鸡宝鸡
a14	1号楼三期宝鸡住宅东头入住旅馆冷冻库		一月一日—腊一金额宝鸡宝鸡
a1	1号楼三期宝鸡住宅东头入住旅馆冷冻库		一月一日—腊一金额宝鸡宝鸡
